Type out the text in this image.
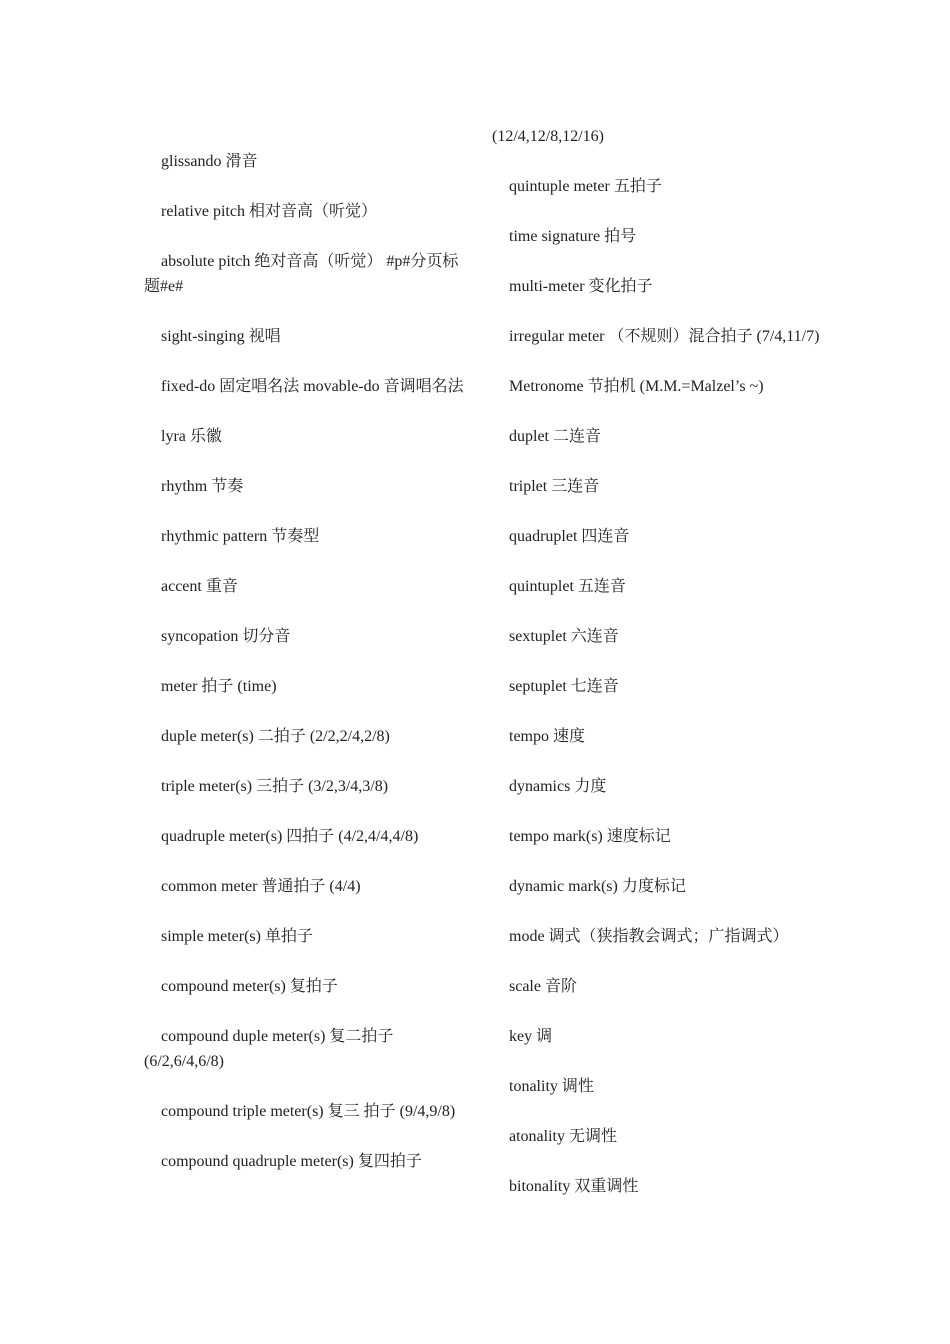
glissando 滑音

relative pitch 相对音高（听觉）

absolute pitch 绝对音高（听觉） #p#分页标题#e#

sight-singing 视唱

fixed-do 固定唱名法 movable-do 音调唱名法

lyra 乐徽

rhythm 节奏

rhythmic pattern 节奏型

accent 重音

syncopation 切分音

meter 拍子 (time)

duple meter(s) 二拍子 (2/2,2/4,2/8)

triple meter(s) 三拍子 (3/2,3/4,3/8)

quadruple meter(s) 四拍子 (4/2,4/4,4/8)

common meter 普通拍子 (4/4)

simple meter(s) 单拍子

compound meter(s) 复拍子

compound duple meter(s) 复二拍子 (6/2,6/4,6/8)

compound triple meter(s) 复三 拍子 (9/4,9/8)

compound quadruple meter(s) 复四拍子

(12/4,12/8,12/16)

quintuple meter 五拍子

time signature 拍号

multi-meter 变化拍子

irregular meter （不规则）混合拍子 (7/4,11/7)

Metronome 节拍机 (M.M.=Malzel’s ~)

duplet 二连音

triplet 三连音

quadruplet 四连音

quintuplet 五连音

sextuplet 六连音

septuplet 七连音

tempo 速度

dynamics 力度

tempo mark(s) 速度标记

dynamic mark(s) 力度标记

mode 调式（狭指教会调式；广指调式）

scale 音阶

key 调

tonality 调性

atonality 无调性

bitonality 双重调性
